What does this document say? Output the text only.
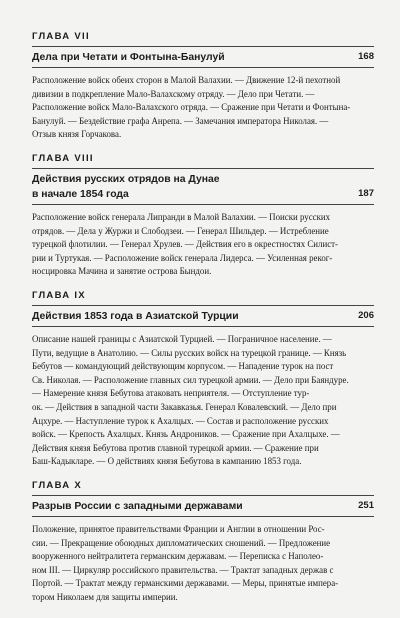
ГЛАВА VII
Дела при Четати и Фонтына-Банулуй	168
Расположение войск обеих сторон в Малой Валахии. — Движение 12-й пехотной
дивизии в подкрепление Мало-Валахскому отряду. — Дело при Четати. —
Расположение войск Мало-Валахского отряда. — Сражение при Четати и Фонтына-
Банулуй. — Бездействие графа Анрепа. — Замечания императора Николая. —
Отзыв князя Горчакова.
ГЛАВА VIII
Действия русских отрядов на Дунае
в начале 1854 года	187
Расположение войск генерала Липранди в Малой Валахии. — Поиски русских
отрядов. — Дела у Журжи и Слободзеи. — Генерал Шильдер. — Истребление
турецкой флотилии. — Генерал Хрулев. — Действия его в окрестностях Силист-
рии и Туртукая. — Расположение войск генерала Лидерса. — Усиленная реког-
носцировка Мачина и занятие острова Бындои.
ГЛАВА IX
Действия 1853 года в Азиатской Турции	206
Описание нашей границы с Азиатской Турцией. — Пограничное население. —
Пути, ведущие в Анатолию. — Силы русских войск на турецкой границе. — Князь
Бебутов — командующий действующим корпусом. — Нападение турок на пост
Св. Николая. — Расположение главных сил турецкой армии. — Дело при Баяндуре.
— Намерение князя Бебутова атаковать неприятеля. — Отступление тур-
ок. — Действия в западной части Закавказья. Генерал Ковалевский. — Дело при
Ацхуре. — Наступление турок к Ахалцых. — Состав и расположение русских
войск. — Крепость Ахалцых. Князь Андроников. — Сражение при Ахалцыхе. —
Действия князя Бебутова против главной турецкой армии. — Сражение при
Баш-Кадыкларе. — О действиях князя Бебутова в кампанию 1853 года.
ГЛАВА X
Разрыв России с западными державами	251
Положение, принятое правительствами Франции и Англии в отношении Рос-
сии. — Прекращение обоюдных дипломатических сношений. — Предложение
вооруженного нейтралитета германским державам. — Переписка с Наполео-
ном III. — Циркуляр российского правительства. — Трактат западных держав с
Портой. — Трактат между германскими державами. — Меры, принятые импера-
тором Николаем для защиты империи.
